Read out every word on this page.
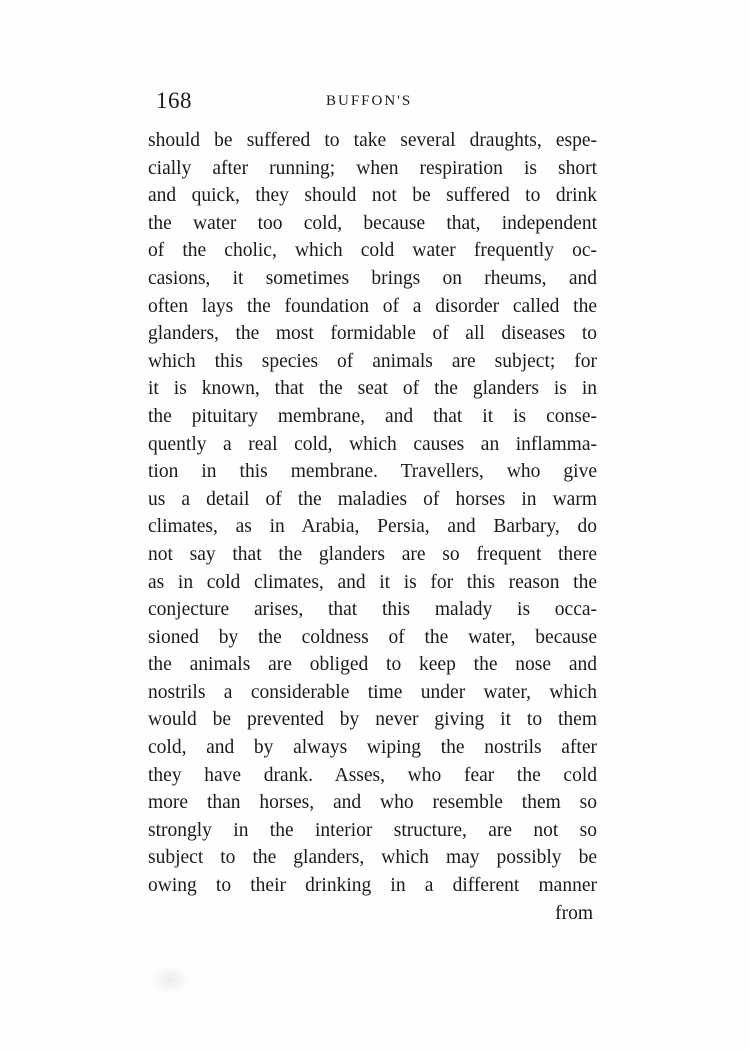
168	BUFFON'S
should be suffered to take several draughts, espe-
cially after running; when respiration is short
and quick, they should not be suffered to drink
the water too cold, because that, independent
of the cholic, which cold water frequently oc-
casions, it sometimes brings on rheums, and
often lays the foundation of a disorder called the
glanders, the most formidable of all diseases to
which this species of animals are subject; for
it is known, that the seat of the glanders is in
the pituitary membrane, and that it is conse-
quently a real cold, which causes an inflamma-
tion in this membrane. Travellers, who give
us a detail of the maladies of horses in warm
climates, as in Arabia, Persia, and Barbary, do
not say that the glanders are so frequent there
as in cold climates, and it is for this reason the
conjecture arises, that this malady is occa-
sioned by the coldness of the water, because
the animals are obliged to keep the nose and
nostrils a considerable time under water, which
would be prevented by never giving it to them
cold, and by always wiping the nostrils after
they have drank. Asses, who fear the cold
more than horses, and who resemble them so
strongly in the interior structure, are not so
subject to the glanders, which may possibly be
owing to their drinking in a different manner
from
